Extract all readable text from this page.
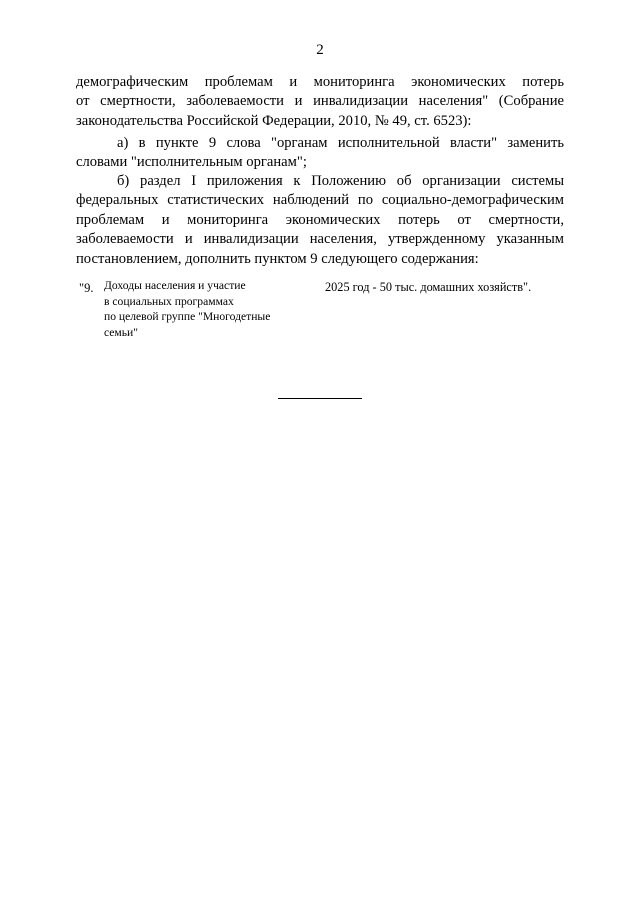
2
демографическим проблемам и мониторинга экономических потерь
от смертности, заболеваемости и инвалидизации населения" (Собрание
законодательства Российской Федерации, 2010, № 49, ст. 6523):
а) в пункте 9 слова "органам исполнительной власти" заменить
словами "исполнительным органам";
б) раздел I приложения к Положению об организации системы
федеральных статистических наблюдений по социально-демографическим
проблемам и мониторинга экономических потерь от смертности,
заболеваемости и инвалидизации населения, утвержденному указанным
постановлением, дополнить пунктом 9 следующего содержания:
"9. Доходы населения и участие
в социальных программах
по целевой группе "Многодетные
семьи"
2025 год - 50 тыс. домашних хозяйств".
